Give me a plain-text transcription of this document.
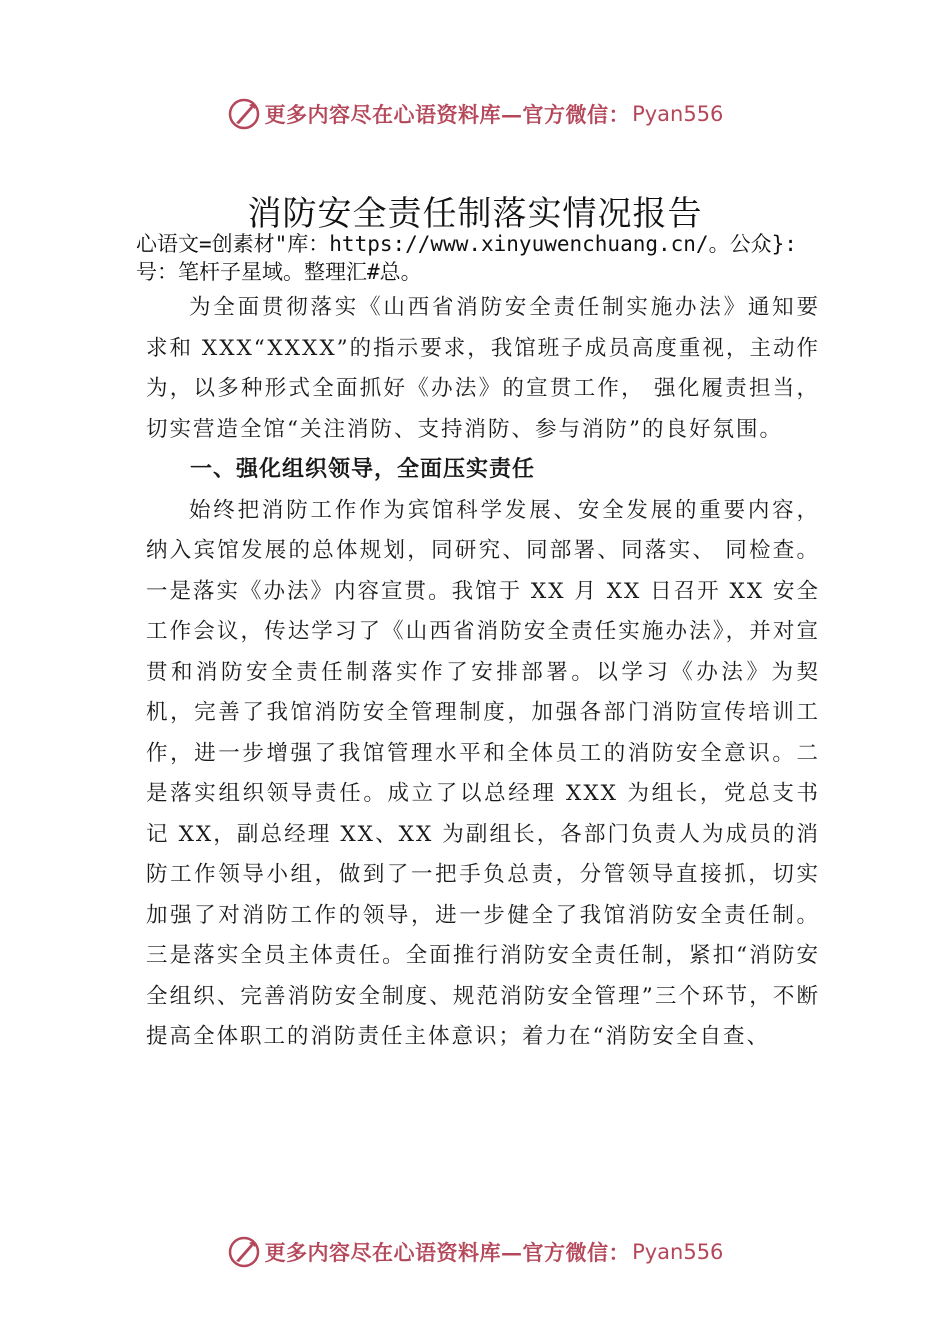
更多内容尽在心语资料库—官方微信： Pyan556
消防安全责任制落实情况报告
心语文=创素材"库：https://www.xinyuwenchuang.cn/。公众}:号：笔杆子星域。整理汇#总。

为全面贯彻落实《山西省消防安全责任制实施办法》通知要求和 XXX“XXXX”的指示要求，我馆班子成员高度重视，主动作为，以多种形式全面抓好《办法》的宣贯工作， 强化履责担当，切实营造全馆“关注消防、支持消防、参与消防”的良好氛围。

一、强化组织领导，全面压实责任

始终把消防工作作为宾馆科学发展、安全发展的重要内容，纳入宾馆发展的总体规划，同研究、同部署、同落实、 同检查。一是落实《办法》内容宣贯。我馆于 XX 月 XX 日召开 XX 安全工作会议，传达学习了《山西省消防安全责任实施办法》，并对宣贯和消防安全责任制落实作了安排部署。以学习《办法》为契机，完善了我馆消防安全管理制度，加强各部门消防宣传培训工作，进一步增强了我馆管理水平和全体员工的消防安全意识。二是落实组织领导责任。成立了以总经理 XXX 为组长，党总支书记 XX，副总经理 XX、XX 为副组长，各部门负责人为成员的消防工作领导小组，做到了一把手负总责，分管领导直接抓，切实加强了对消防工作的领导，进一步健全了我馆消防安全责任制。三是落实全员主体责任。全面推行消防安全责任制，紧扣“消防安全组织、完善消防安全制度、规范消防安全管理”三个环节，不断提高全体职工的消防责任主体意识；着力在“消防安全自查、

更多内容尽在心语资料库—官方微信： Pyan556
